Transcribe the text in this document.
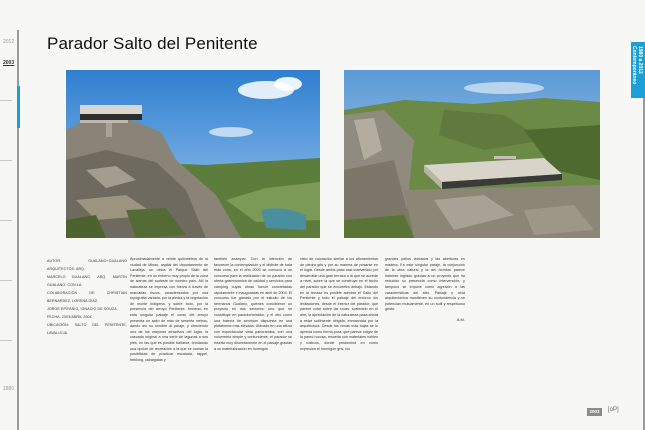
2012
2003
1880
1980 a 2012 Contemporáneo
Parador Salto del Penitente
AUTOR: GUALANO+GUALANO ARQUITECTOS: ARQ.
MARCELO GUALANO, ARQ. MARTÍN GUALANO. CON LA
COLABORACIÓN DE CHRISTIAN BERNARDEZ, LORENA DÍAZ,
JORGE EPIFANIO, IGNACIO DE SOUZA.
FECHA: 2003/ABRIL 2004.
UBICACIÓN: SALTO DEL PENITENTE, LAVALLEJA.

Aproximadamente a veinte quilómetros de la ciudad de Minas, capital del departamento de Lavalleja, se ubica el Parque Salto del Penitente, en un entorno muy propio de la zona de sierras del sudeste de nuestro país. Allí la naturaleza se expresa con fuerza a través de marcadas riscos, caracterizados por una topografía variada, por la piedra y la vegetación de monte indígena, y sobre todo, por la presencia del arroyo Penitente. Inmerso en esta singular paisaje el curso del arroyo presenta un salto de más de sesenta metros, dando así su nombre al paraje, y ofreciendo uno de los mayores atractivos del lugar, la cascada original a una serie de lagunas a sus pies, en las que es posible bañarse, brindando una opción de recreación a la que se suman la posibilidad de practicar escalada, rappel, trekking, cabalgatas y

también acampar. Con la intención de favorecer la contemplación y el disfrute de toda esta zona, en el año 2003 se convocó a un concurso para la realización de un parador con oferta gastronómica de calidad y servicios para camping cuyas obras fueron concretadas rápidamente e inauguradas en abril de 2004. El concurso fue ganado por el estudio de los hermanos Gualano, quienes concibieron un proyecto en dos sectores: uno que se constituye en parador/mirador, y el otro como una batería de servicios dispuesta en una plataforma más elevada. Ubicado en una altura con espectacular vista panorámica, con una volumetría simple y contundente, el parador se inserta muy discretamente en el paisaje gracias a su materialización en hormigón

visto de coloración similar a los afloramientos de piedra gris y por su manera de posarse en el lugar. Desde arriba pasa casi inadvertido por desarrollar una gran terraza a la que se accede a nivel, sobre la que se construye en el techo del parador que se encuentra debajo. Estando en la terraza es posible admirar el Salto del Penitente y todo el paisaje del entorno sin limitaciones, desde el interior del parador, que parece volar sobre las rocas, sostenido en el aire, la apreciación de la naturaleza pasa ahora a estar sutilmente dirigida, enmarcada por la arquitectura. Desde las zonas más bajas se lo aprecia como forma pura, que parece colgar de la pared rocosa, resuelta con materiales nobles y rústicos, donde predomina en como expresión el hormigón gris, los

grandes paños vidriados y las aberturas en madera. En este singular paraje, la conjunción de la obra natural y la del hombre parece haberse logrado gracias a un proyecto que ha reducido su presencia como intervención, y tampoco se impone como agresión a las características del sitio. Paisaje y obra arquitectónica mantienen su contundencia y se potencian mutuamente, en un sutil y respetuoso gesto.

A.M.
2003	[oP]
